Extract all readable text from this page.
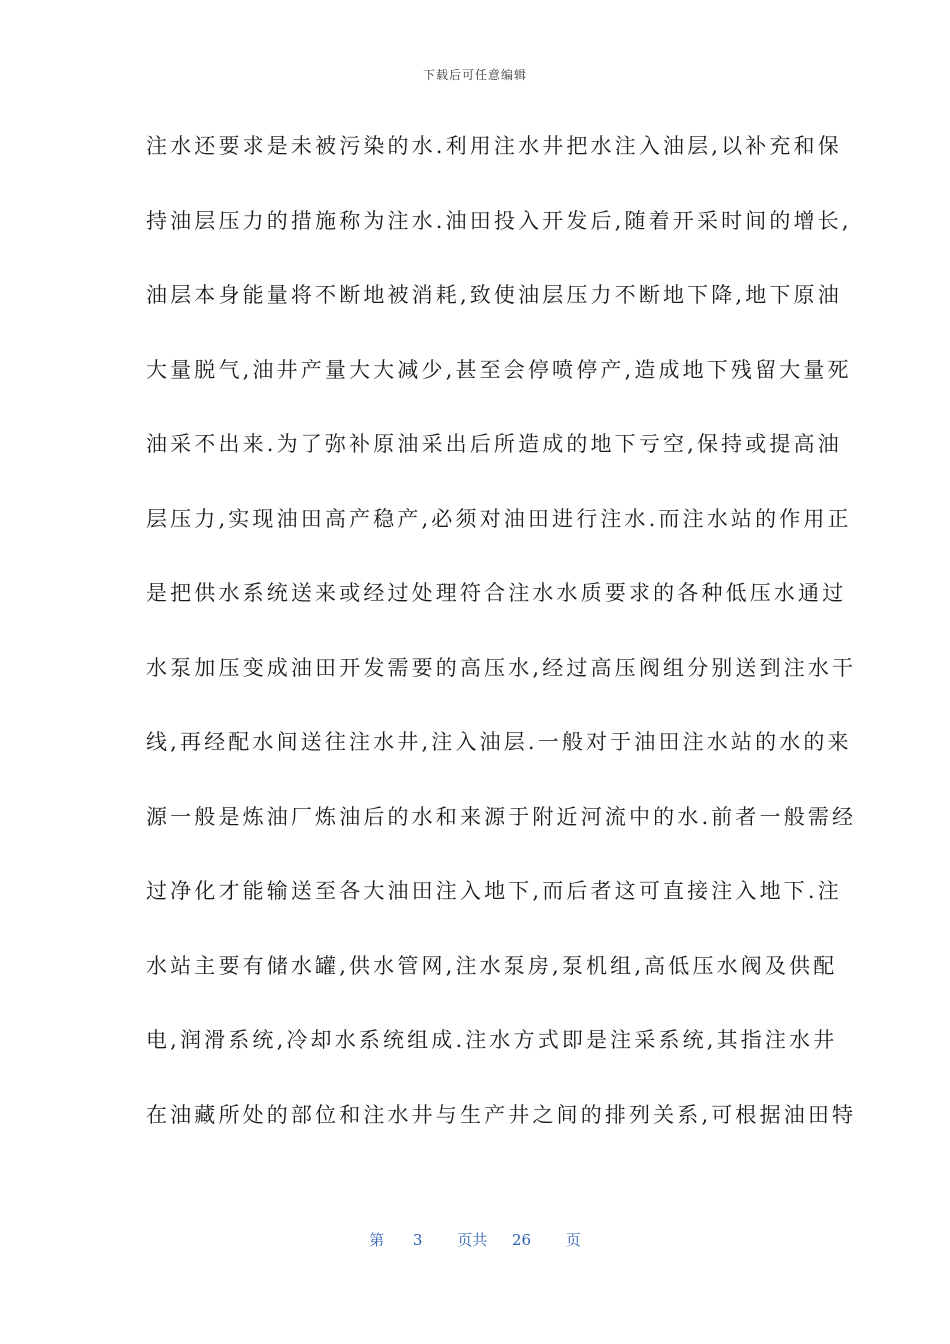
下载后可任意编辑
注水还要求是未被污染的水.利用注水井把水注入油层,以补充和保
持油层压力的措施称为注水.油田投入开发后,随着开采时间的增长,
油层本身能量将不断地被消耗,致使油层压力不断地下降,地下原油
大量脱气,油井产量大大减少,甚至会停喷停产,造成地下残留大量死
油采不出来.为了弥补原油采出后所造成的地下亏空,保持或提高油
层压力,实现油田高产稳产,必须对油田进行注水.而注水站的作用正
是把供水系统送来或经过处理符合注水水质要求的各种低压水通过
水泵加压变成油田开发需要的高压水,经过高压阀组分别送到注水干
线,再经配水间送往注水井,注入油层.一般对于油田注水站的水的来
源一般是炼油厂炼油后的水和来源于附近河流中的水.前者一般需经
过净化才能输送至各大油田注入地下,而后者这可直接注入地下.注
水站主要有储水罐,供水管网,注水泵房,泵机组,高低压水阀及供配
电,润滑系统,冷却水系统组成.注水方式即是注采系统,其指注水井
在油藏所处的部位和注水井与生产井之间的排列关系,可根据油田特
第 3 页共 26 页
